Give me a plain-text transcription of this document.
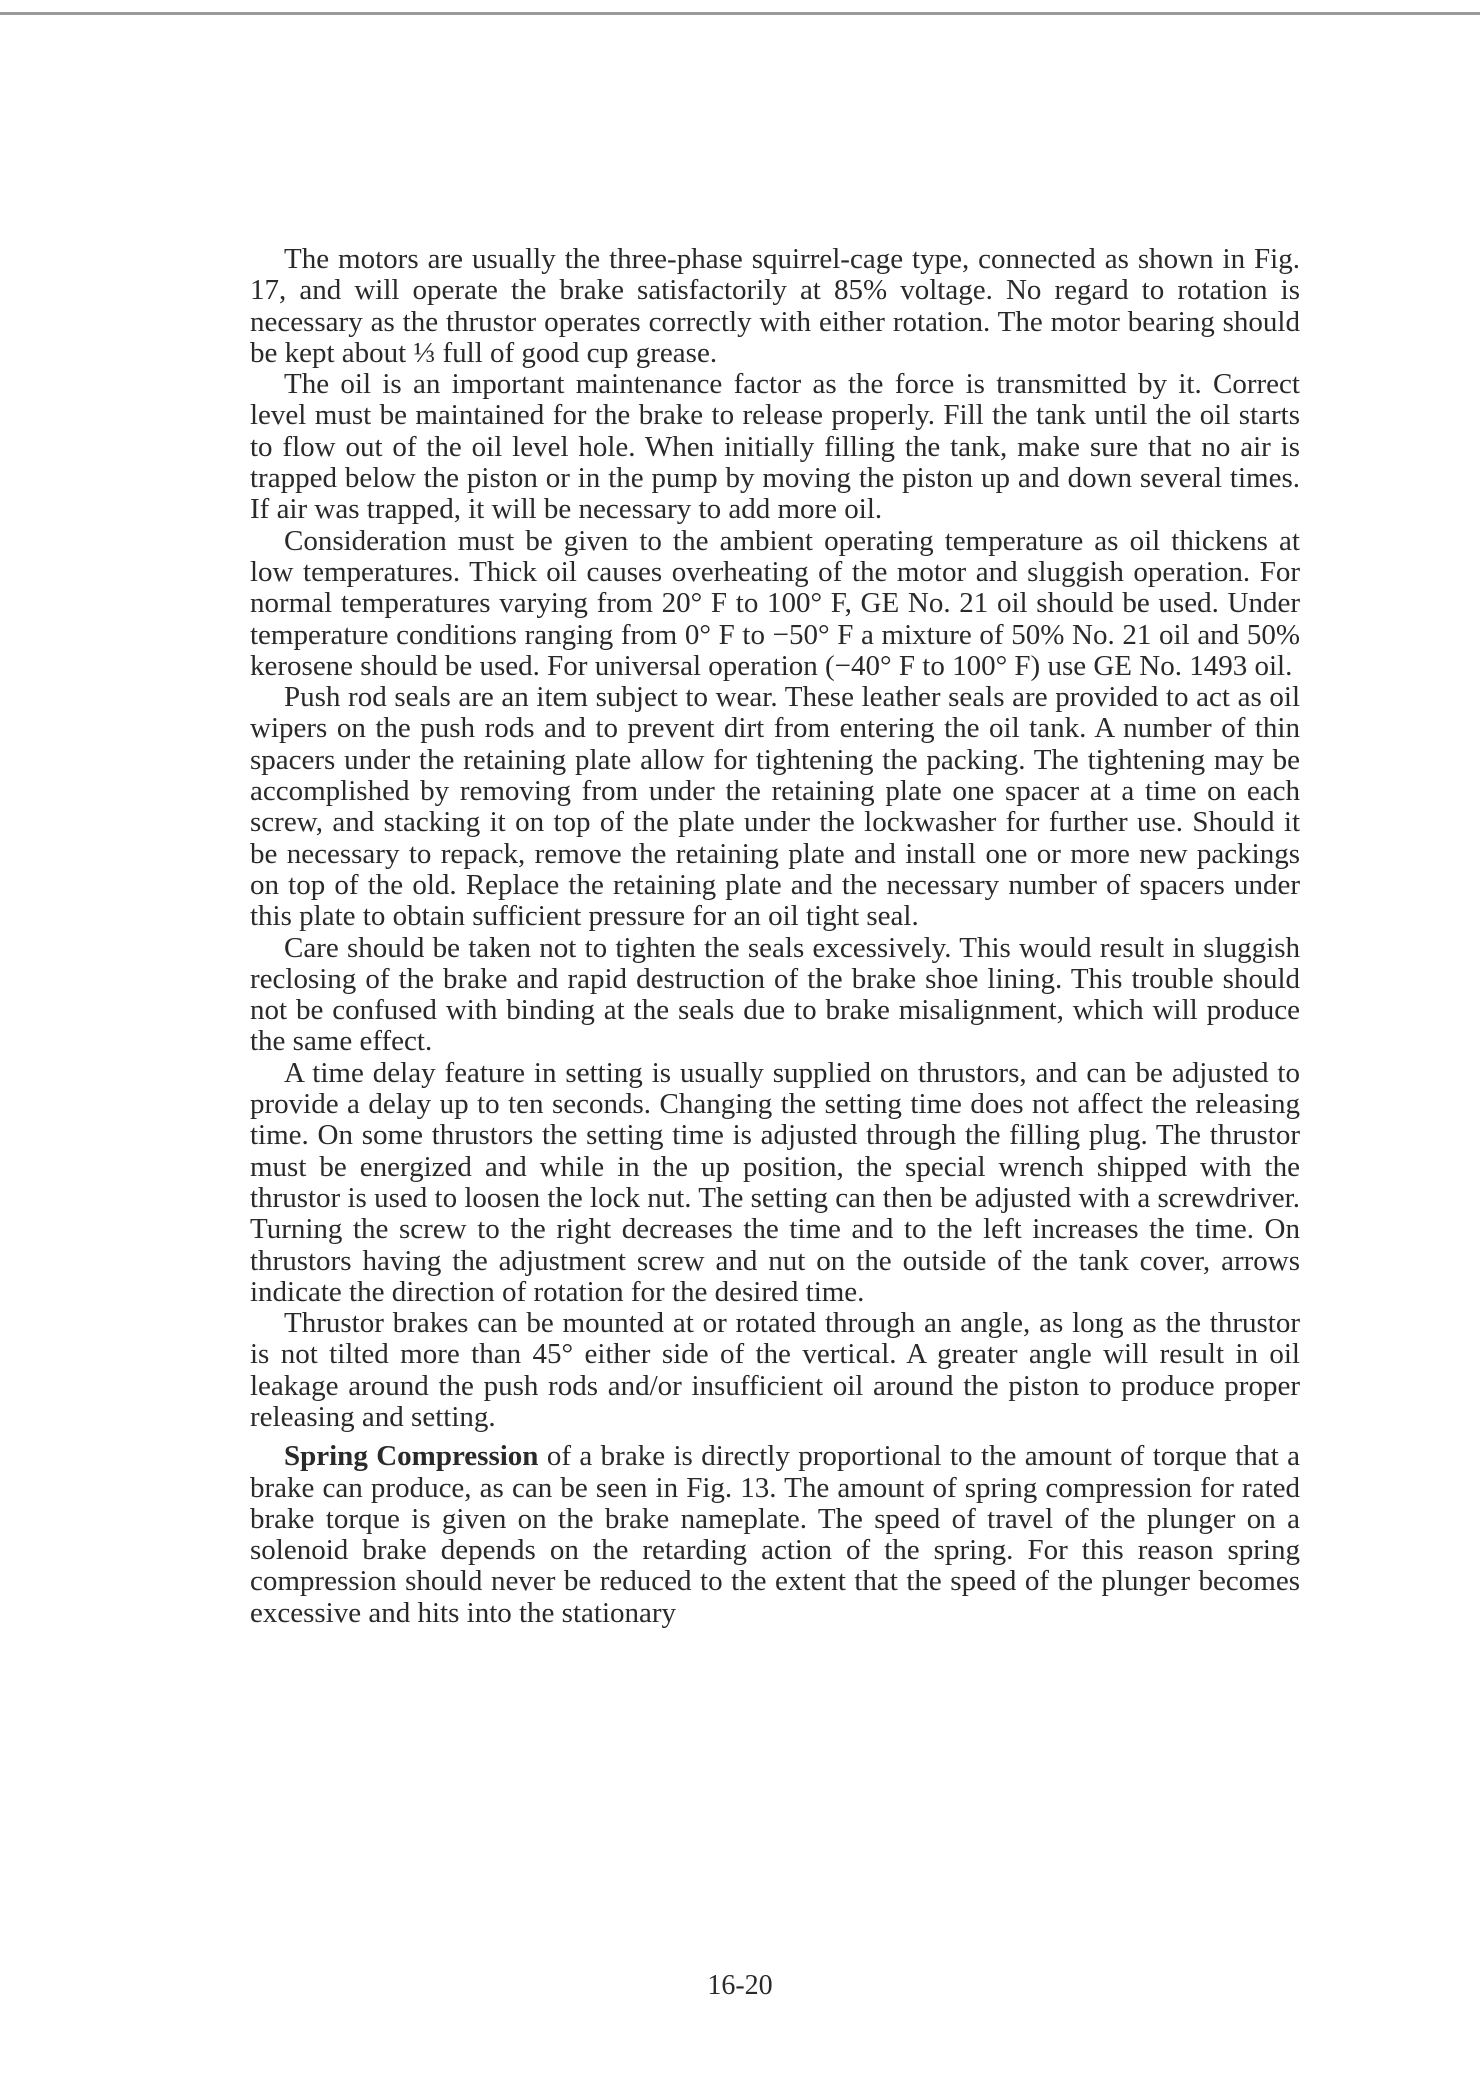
The motors are usually the three-phase squirrel-cage type, connected as shown in Fig. 17, and will operate the brake satisfactorily at 85% voltage. No regard to rotation is necessary as the thrustor operates correctly with either rotation. The motor bearing should be kept about ⅓ full of good cup grease.

The oil is an important maintenance factor as the force is transmitted by it. Correct level must be maintained for the brake to release properly. Fill the tank until the oil starts to flow out of the oil level hole. When initially filling the tank, make sure that no air is trapped below the piston or in the pump by moving the piston up and down several times. If air was trapped, it will be necessary to add more oil.

Consideration must be given to the ambient operating temperature as oil thickens at low temperatures. Thick oil causes overheating of the motor and sluggish operation. For normal temperatures varying from 20° F to 100° F, GE No. 21 oil should be used. Under temperature conditions ranging from 0° F to −50° F a mixture of 50% No. 21 oil and 50% kerosene should be used. For universal operation (−40° F to 100° F) use GE No. 1493 oil.

Push rod seals are an item subject to wear. These leather seals are provided to act as oil wipers on the push rods and to prevent dirt from entering the oil tank. A number of thin spacers under the retaining plate allow for tightening the packing. The tightening may be accomplished by removing from under the retaining plate one spacer at a time on each screw, and stacking it on top of the plate under the lockwasher for further use. Should it be necessary to repack, remove the retaining plate and install one or more new packings on top of the old. Replace the retaining plate and the necessary number of spacers under this plate to obtain sufficient pressure for an oil tight seal.

Care should be taken not to tighten the seals excessively. This would result in sluggish reclosing of the brake and rapid destruction of the brake shoe lining. This trouble should not be confused with binding at the seals due to brake misalignment, which will produce the same effect.

A time delay feature in setting is usually supplied on thrustors, and can be adjusted to provide a delay up to ten seconds. Changing the setting time does not affect the releasing time. On some thrustors the setting time is adjusted through the filling plug. The thrustor must be energized and while in the up position, the special wrench shipped with the thrustor is used to loosen the lock nut. The setting can then be adjusted with a screwdriver. Turning the screw to the right decreases the time and to the left increases the time. On thrustors having the adjustment screw and nut on the outside of the tank cover, arrows indicate the direction of rotation for the desired time.

Thrustor brakes can be mounted at or rotated through an angle, as long as the thrustor is not tilted more than 45° either side of the vertical. A greater angle will result in oil leakage around the push rods and/or insufficient oil around the piston to produce proper releasing and setting.

Spring Compression of a brake is directly proportional to the amount of torque that a brake can produce, as can be seen in Fig. 13. The amount of spring compression for rated brake torque is given on the brake nameplate. The speed of travel of the plunger on a solenoid brake depends on the retarding action of the spring. For this reason spring compression should never be reduced to the extent that the speed of the plunger becomes excessive and hits into the stationary

16-20
